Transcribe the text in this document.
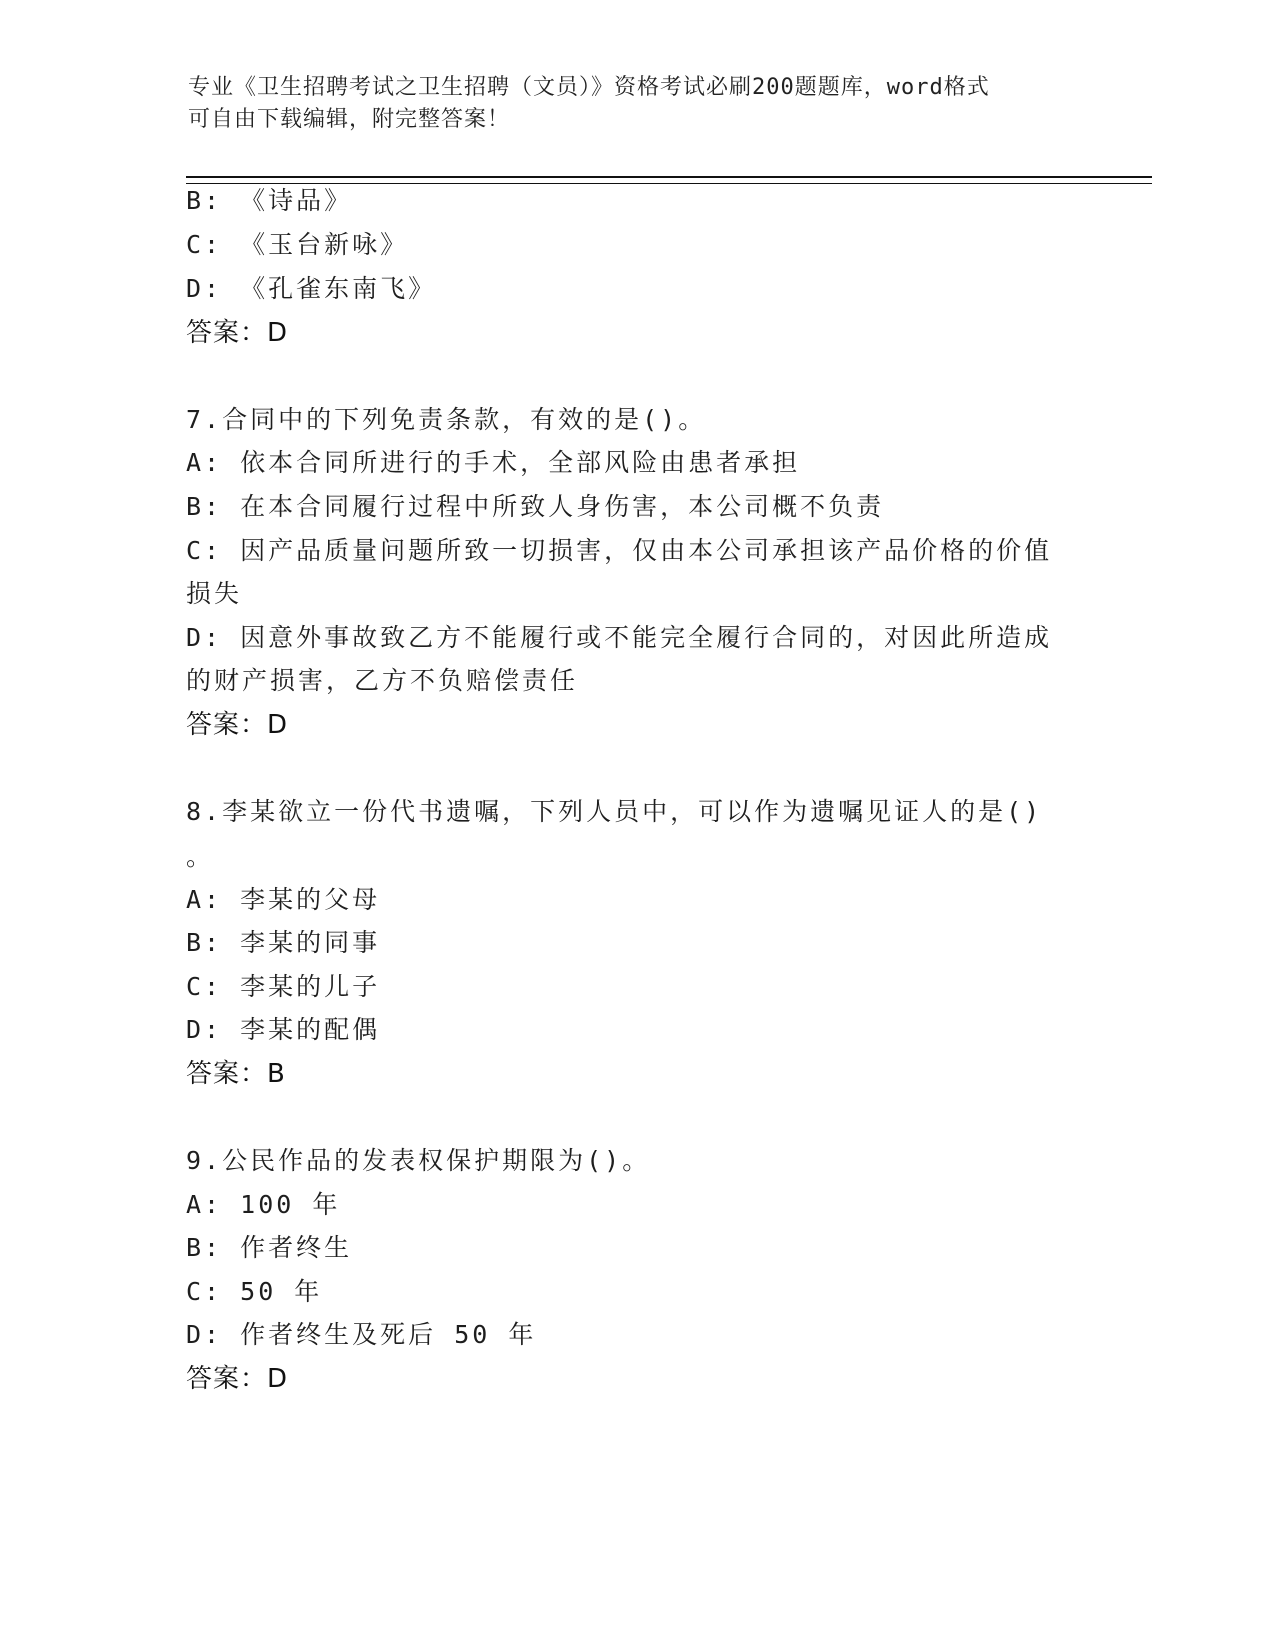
专业《卫生招聘考试之卫生招聘（文员）》资格考试必刷200题题库，word格式
可自由下载编辑，附完整答案！
B: 《诗品》
C: 《玉台新咏》
D: 《孔雀东南飞》
答案：D
7.合同中的下列免责条款，有效的是()。
A: 依本合同所进行的手术，全部风险由患者承担
B: 在本合同履行过程中所致人身伤害，本公司概不负责
C: 因产品质量问题所致一切损害，仅由本公司承担该产品价格的价值
损失
D: 因意外事故致乙方不能履行或不能完全履行合同的，对因此所造成
的财产损害，乙方不负赔偿责任
答案：D
8.李某欲立一份代书遗嘱，下列人员中，可以作为遗嘱见证人的是()
。
A: 李某的父母
B: 李某的同事
C: 李某的儿子
D: 李某的配偶
答案：B
9.公民作品的发表权保护期限为()。
A: 100 年
B: 作者终生
C: 50 年
D: 作者终生及死后 50 年
答案：D
